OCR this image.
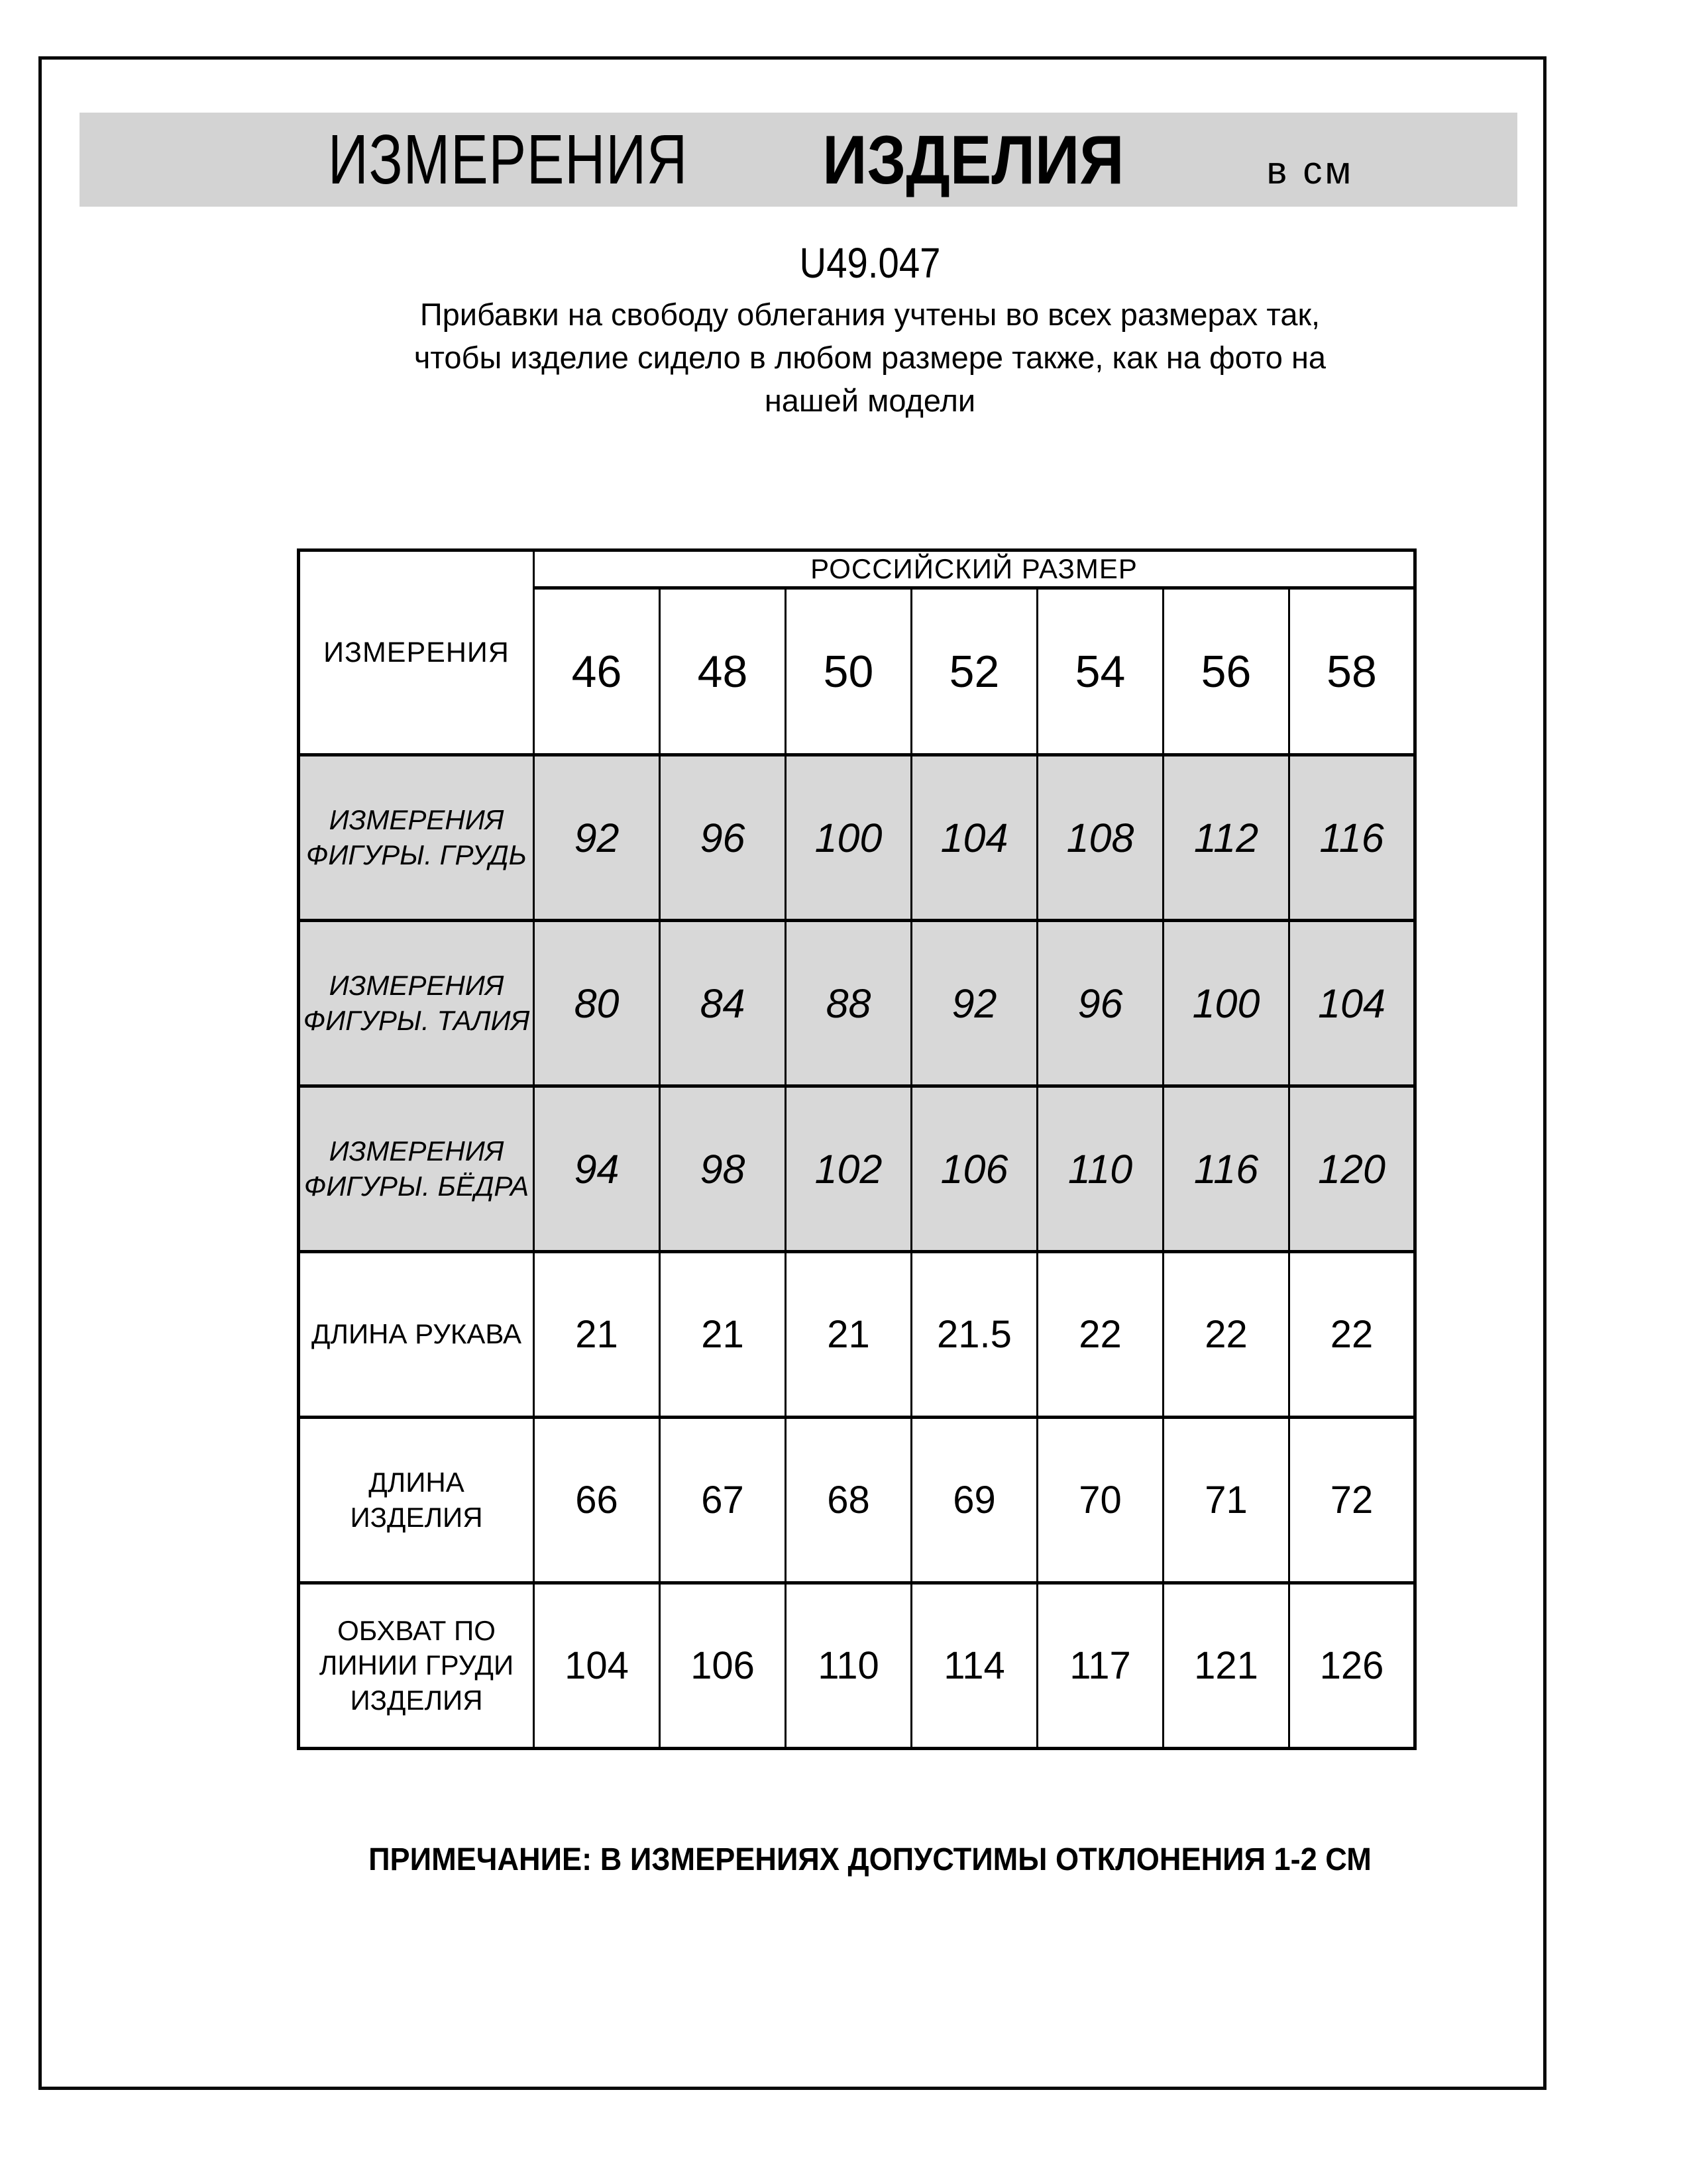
ИЗМЕРЕНИЯ ИЗДЕЛИЯ	в см
U49.047
Прибавки на свободу облегания учтены во всех размерах так,
чтобы изделие сидело в любом размере также, как на фото на
нашей модели
ИЗМЕРЕНИЯ	РОССИЙСКИЙ РАЗМЕР						
	46	48	50	52	54	56	58

ИЗМЕРЕНИЯ
ФИГУРЫ. ГРУДЬ	92	96	100	104	108	112	116

ИЗМЕРЕНИЯ
ФИГУРЫ. ТАЛИЯ	80	84	88	92	96	100	104

ИЗМЕРЕНИЯ
ФИГУРЫ. БЁДРА	94	98	102	106	110	116	120

ДЛИНА РУКАВА	21	21	21	21.5	22	22	22

ДЛИНА ИЗДЕЛИЯ	66	67	68	69	70	71	72

ОБХВАТ ПО
ЛИНИИ ГРУДИ
ИЗДЕЛИЯ	104	106	110	114	117	121	126
ПРИМЕЧАНИЕ: В ИЗМЕРЕНИЯХ ДОПУСТИМЫ ОТКЛОНЕНИЯ 1-2 СМ
